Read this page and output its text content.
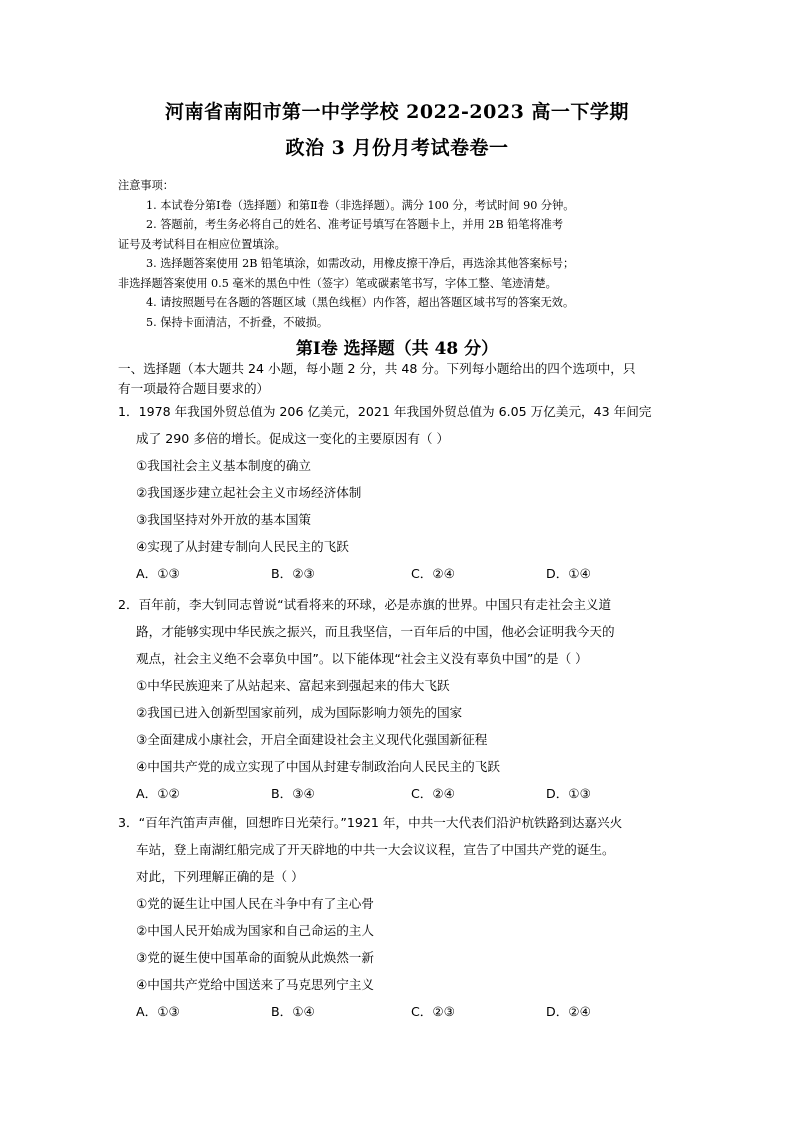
河南省南阳市第一中学学校 2022-2023 高一下学期
政治 3 月份月考试卷卷一
注意事项：
1. 本试卷分第Ⅰ卷（选择题）和第Ⅱ卷（非选择题）。满分 100 分，考试时间 90 分钟。
2. 答题前，考生务必将自己的姓名、准考证号填写在答题卡上，并用 2B 铅笔将准考
证号及考试科目在相应位置填涂。
3. 选择题答案使用 2B 铅笔填涂，如需改动，用橡皮擦干净后，再选涂其他答案标号；
非选择题答案使用 0.5 毫米的黑色中性（签字）笔或碳素笔书写，字体工整、笔迹清楚。
4. 请按照题号在各题的答题区域（黑色线框）内作答，超出答题区域书写的答案无效。
5. 保持卡面清洁，不折叠，不破损。
第Ⅰ卷 选择题（共 48 分）
一、选择题（本大题共 24 小题，每小题 2 分，共 48 分。下列每小题给出的四个选项中，只
有一项最符合题目要求的）
1．1978 年我国外贸总值为 206 亿美元，2021 年我国外贸总值为 6.05 万亿美元，43 年间完
成了 290 多倍的增长。促成这一变化的主要原因有（ ）
①我国社会主义基本制度的确立
②我国逐步建立起社会主义市场经济体制
③我国坚持对外开放的基本国策
④实现了从封建专制向人民民主的飞跃
A．①③	B．②③	C．②④	D．①④
2．百年前，李大钊同志曾说“试看将来的环球，必是赤旗的世界。中国只有走社会主义道
路，才能够实现中华民族之振兴，而且我坚信，一百年后的中国，他必会证明我今天的
观点，社会主义绝不会辜负中国”。以下能体现“社会主义没有辜负中国”的是（ ）
①中华民族迎来了从站起来、富起来到强起来的伟大飞跃
②我国已进入创新型国家前列，成为国际影响力领先的国家
③全面建成小康社会，开启全面建设社会主义现代化强国新征程
④中国共产党的成立实现了中国从封建专制政治向人民民主的飞跃
A．①②	B．③④	C．②④	D．①③
3．“百年汽笛声声催，回想昨日光荣行。”1921 年，中共一大代表们沿沪杭铁路到达嘉兴火
车站，登上南湖红船完成了开天辟地的中共一大会议议程，宣告了中国共产党的诞生。
对此，下列理解正确的是（ ）
①党的诞生让中国人民在斗争中有了主心骨
②中国人民开始成为国家和自己命运的主人
③党的诞生使中国革命的面貌从此焕然一新
④中国共产党给中国送来了马克思列宁主义
A．①③	B．①④	C．②③	D．②④
